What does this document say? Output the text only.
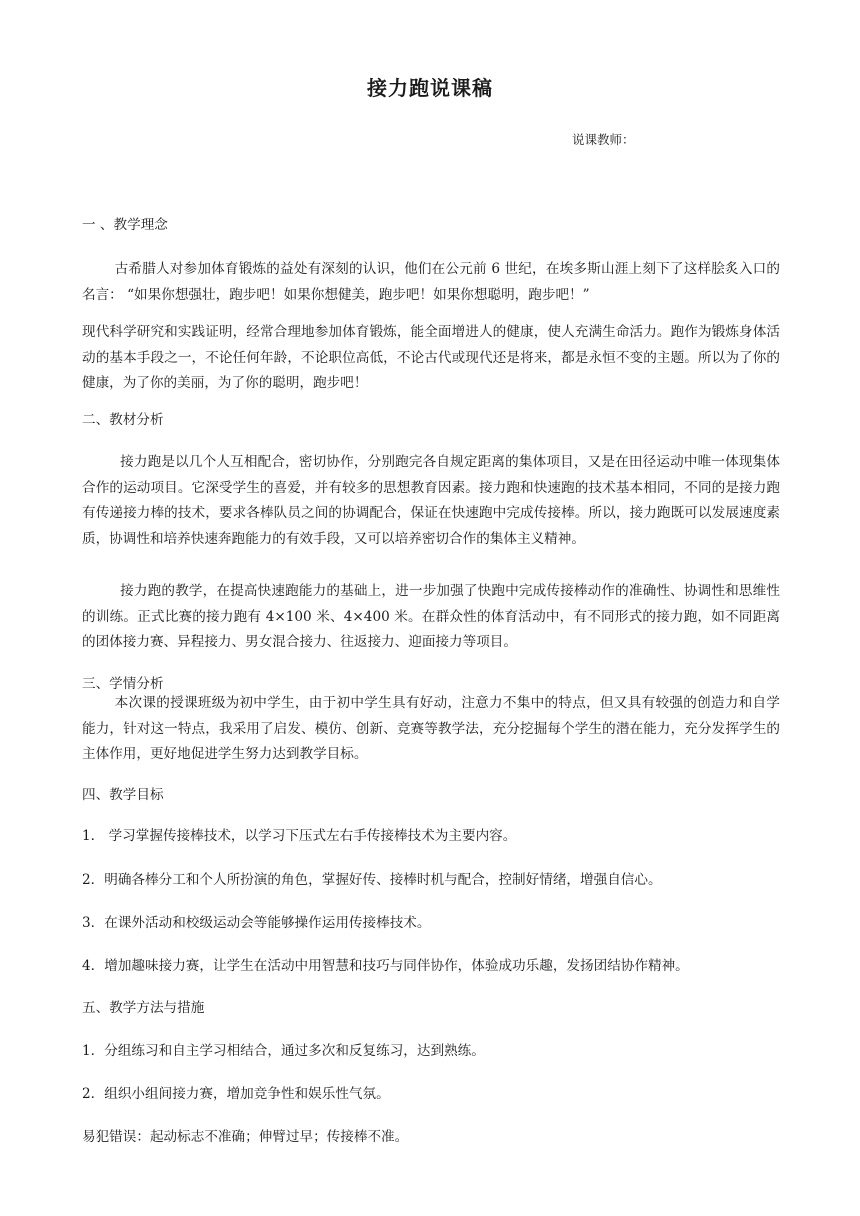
接力跑说课稿
说课教师：
一 、教学理念
古希腊人对参加体育锻炼的益处有深刻的认识，他们在公元前 6 世纪，在埃多斯山涯上刻下了这样脍炙入口的名言： “如果你想强壮，跑步吧！如果你想健美，跑步吧！如果你想聪明，跑步吧！”
现代科学研究和实践证明，经常合理地参加体育锻炼，能全面增进人的健康，使人充满生命活力。跑作为锻炼身体活动的基本手段之一，不论任何年龄，不论职位高低，不论古代或现代还是将来，都是永恒不变的主题。所以为了你的健康，为了你的美丽，为了你的聪明，跑步吧！
二、教材分析
接力跑是以几个人互相配合，密切协作，分别跑完各自规定距离的集体项目，又是在田径运动中唯一体现集体合作的运动项目。它深受学生的喜爱，并有较多的思想教育因素。接力跑和快速跑的技术基本相同，不同的是接力跑有传递接力棒的技术，要求各棒队员之间的协调配合，保证在快速跑中完成传接棒。所以，接力跑既可以发展速度素质，协调性和培养快速奔跑能力的有效手段，又可以培养密切合作的集体主义精神。
接力跑的教学，在提高快速跑能力的基础上，进一步加强了快跑中完成传接棒动作的准确性、协调性和思维性的训练。正式比赛的接力跑有 4×100 米、4×400 米。在群众性的体育活动中，有不同形式的接力跑，如不同距离的团体接力赛、异程接力、男女混合接力、往返接力、迎面接力等项目。
三、学情分析
本次课的授课班级为初中学生，由于初中学生具有好动，注意力不集中的特点，但又具有较强的创造力和自学能力，针对这一特点，我采用了启发、模仿、创新、竞赛等教学法，充分挖掘每个学生的潜在能力，充分发挥学生的主体作用，更好地促进学生努力达到教学目标。
四、教学目标
1． 学习掌握传接棒技术，以学习下压式左右手传接棒技术为主要内容。
2．明确各棒分工和个人所扮演的角色，掌握好传、接棒时机与配合，控制好情绪，增强自信心。
3．在课外活动和校级运动会等能够操作运用传接棒技术。
4．增加趣味接力赛，让学生在活动中用智慧和技巧与同伴协作，体验成功乐趣，发扬团结协作精神。
五、教学方法与措施
1．分组练习和自主学习相结合，通过多次和反复练习，达到熟练。
2．组织小组间接力赛，增加竞争性和娱乐性气氛。
易犯错误：起动标志不准确；伸臂过早；传接棒不准。
